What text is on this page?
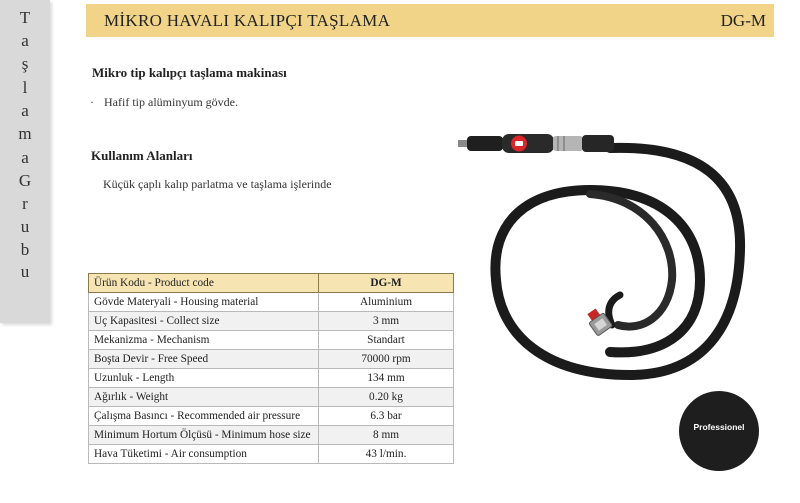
T
a
ş
l
a
m
a
G
r
u
b
u
MİKRO HAVALI KALIPÇI TAŞLAMA	DG-M
Mikro tip kalıpçı taşlama makinası
· Hafif tip alüminyum gövde.
Kullanım Alanları
Küçük çaplı kalıp parlatma ve taşlama işlerinde
Ürün Kodu - Product code	DG-M
Gövde Materyali - Housing material	Aluminium
Uç Kapasitesi - Collect size	3 mm
Mekanizma - Mechanism	Standart
Boşta Devir - Free Speed	70000 rpm
Uzunluk - Length	134 mm
Ağırlık - Weight	0.20 kg
Çalışma Basıncı - Recommended air pressure	6.3 bar
Minimum Hortum Ölçüsü - Minimum hose size	8 mm
Hava Tüketimi - Air consumption	43 l/min.
Professionel
